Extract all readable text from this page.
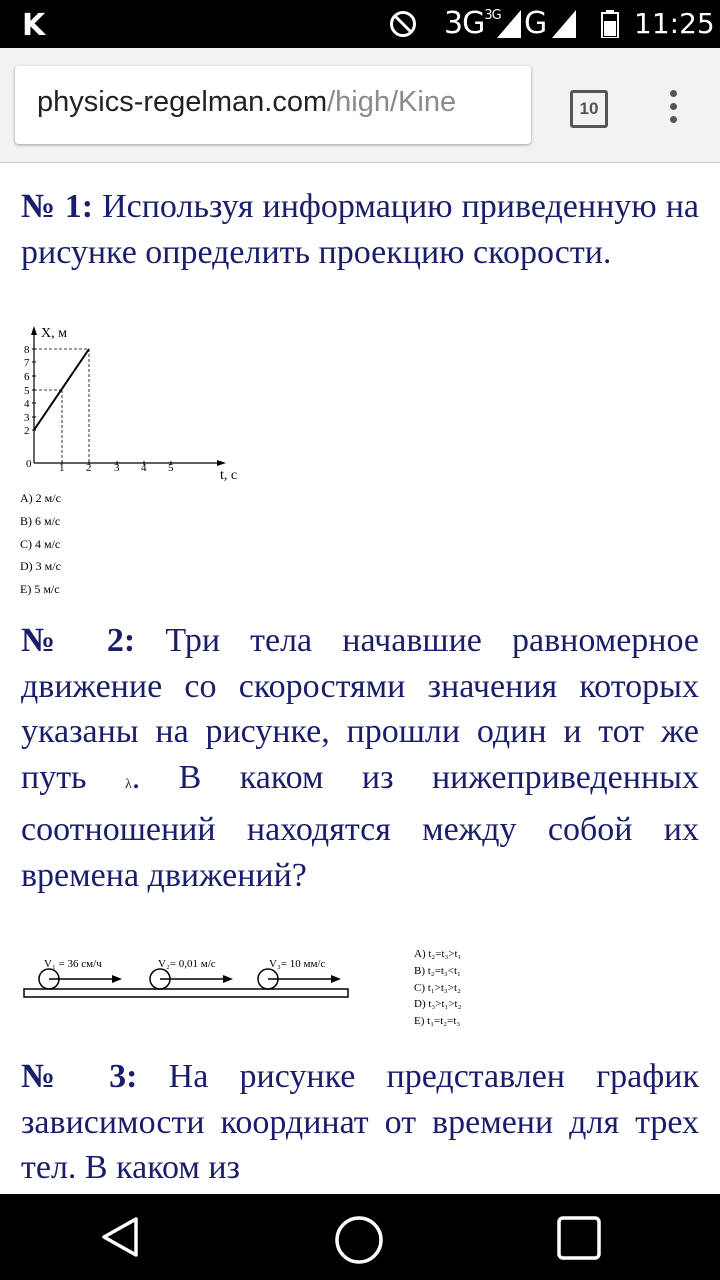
K	$3G^{3G}$ G	11:25
physics-regelman.com/high/Kine	10
№ 1: Используя информацию приведенную на рисунке определить проекцию скорости.
X, м
t, с
0
8
7
6
5
4
3
2
1 2 3 4 5
A) 2 м/с
B) 6 м/с
C) 4 м/с
D) 3 м/с
E) 5 м/с
№ 2: Три тела начавшие равномерное движение со скоростями значения которых указаны на рисунке, прошли один и тот же путь	λ. В каком из нижеприведенных соотношений находятся между собой их времена движений?
V₁ = 36 см/ч	V₂= 0,01 м/с	V₃= 10 мм/с
A) t₂=t₃>t₁
B) t₂=t₃<t₁
C) t₁>t₃>t₂
D) t₃>t₁>t₂
E) t₁=t₂=t₃
№ 3: На рисунке представлен график зависимости координат от времени для трех тел. В каком из
